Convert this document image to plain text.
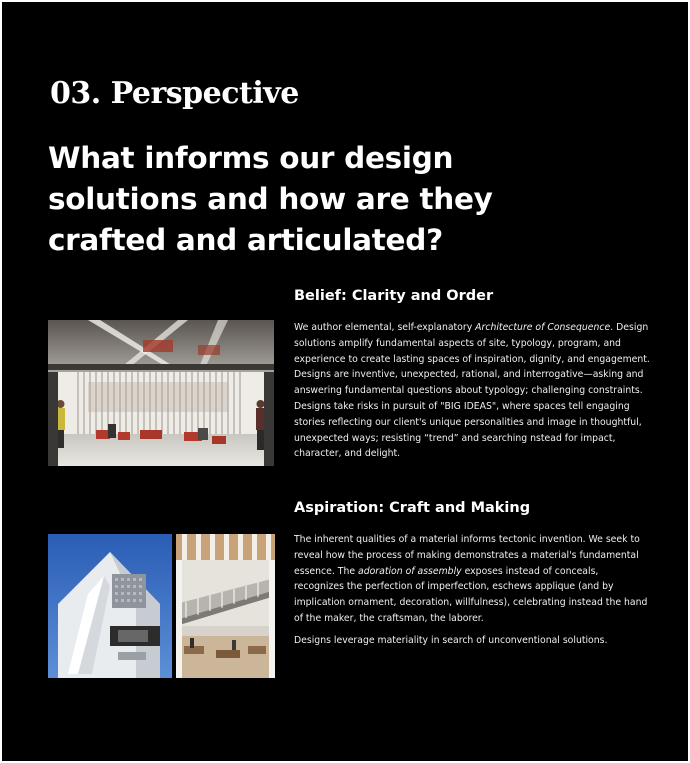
03. Perspective
What informs our design solutions and how are they crafted and articulated?
Belief: Clarity and Order

We author elemental, self-explanatory Architecture of Consequence. Design solutions amplify fundamental aspects of site, typology, program, and experience to create lasting spaces of inspiration, dignity, and engagement. Designs are inventive, unexpected, rational, and interrogative—asking and answering fundamental questions about typology; challenging constraints. Designs take risks in pursuit of "BIG IDEAS", where spaces tell engaging stories reflecting our client's unique personalities and image in thoughtful, unexpected ways; resisting “trend” and searching nstead for impact, character, and delight.

Aspiration: Craft and Making

The inherent qualities of a material informs tectonic invention. We seek to reveal how the process of making demonstrates a material's fundamental essence. The adoration of assembly exposes instead of conceals, recognizes the perfection of imperfection, eschews applique (and by implication ornament, decoration, willfulness), celebrating instead the hand of the maker, the craftsman, the laborer.

Designs leverage materiality in search of unconventional solutions.
